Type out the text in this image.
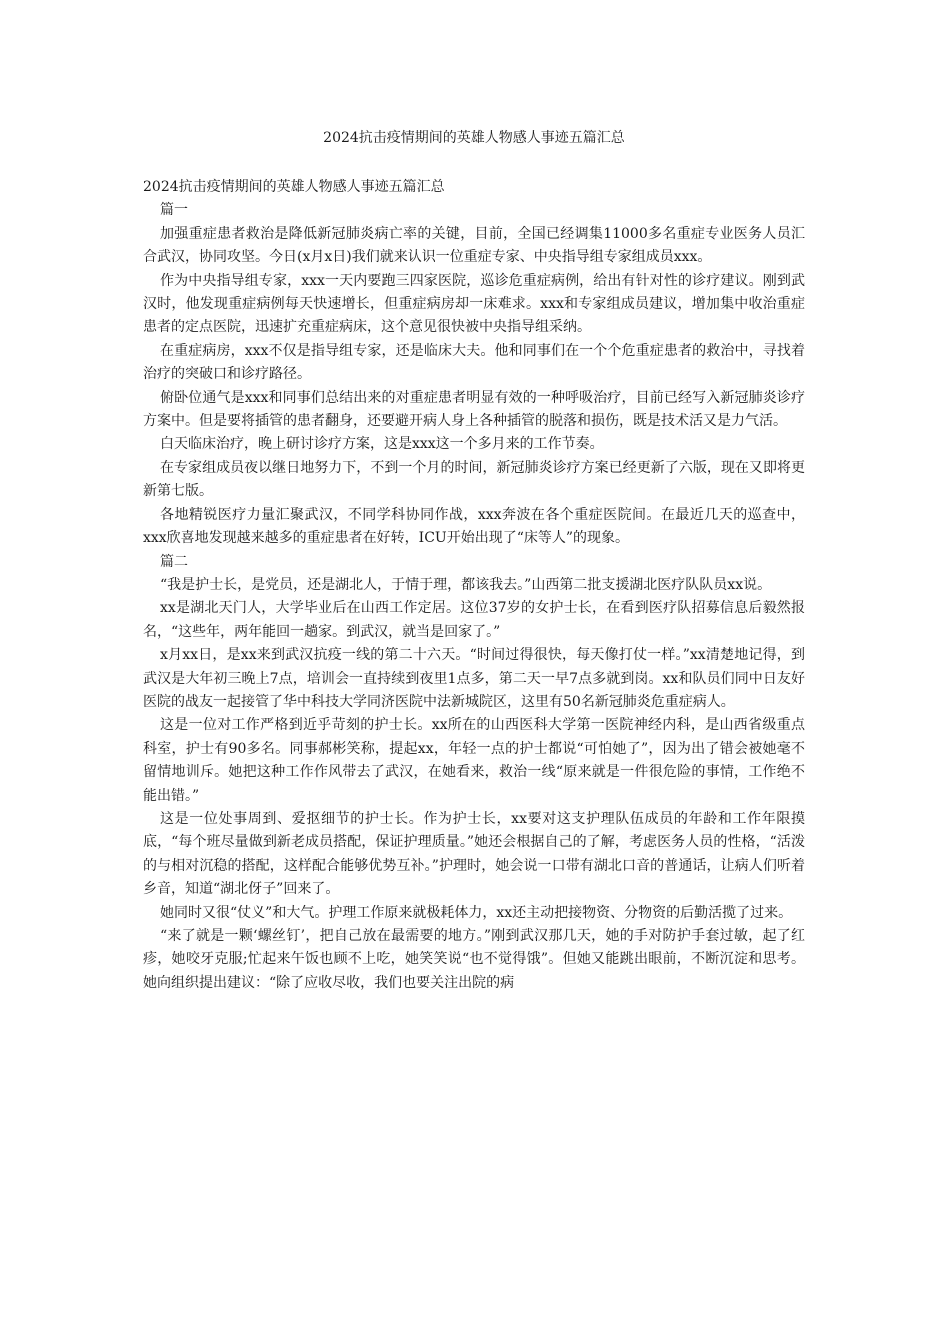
2024抗击疫情期间的英雄人物感人事迹五篇汇总

2024抗击疫情期间的英雄人物感人事迹五篇汇总

篇一

加强重症患者救治是降低新冠肺炎病亡率的关键，目前，全国已经调集11000多名重症专业医务人员汇合武汉，协同攻坚。今日(x月x日)我们就来认识一位重症专家、中央指导组专家组成员xxx。

作为中央指导组专家，xxx一天内要跑三四家医院，巡诊危重症病例，给出有针对性的诊疗建议。刚到武汉时，他发现重症病例每天快速增长，但重症病房却一床难求。xxx和专家组成员建议，增加集中收治重症患者的定点医院，迅速扩充重症病床，这个意见很快被中央指导组采纳。

在重症病房，xxx不仅是指导组专家，还是临床大夫。他和同事们在一个个危重症患者的救治中，寻找着治疗的突破口和诊疗路径。

俯卧位通气是xxx和同事们总结出来的对重症患者明显有效的一种呼吸治疗，目前已经写入新冠肺炎诊疗方案中。但是要将插管的患者翻身，还要避开病人身上各种插管的脱落和损伤，既是技术活又是力气活。

白天临床治疗，晚上研讨诊疗方案，这是xxx这一个多月来的工作节奏。

在专家组成员夜以继日地努力下，不到一个月的时间，新冠肺炎诊疗方案已经更新了六版，现在又即将更新第七版。

各地精锐医疗力量汇聚武汉，不同学科协同作战，xxx奔波在各个重症医院间。在最近几天的巡查中，xxx欣喜地发现越来越多的重症患者在好转，ICU开始出现了“床等人”的现象。

篇二

“我是护士长，是党员，还是湖北人，于情于理，都该我去。”山西第二批支援湖北医疗队队员xx说。

xx是湖北天门人，大学毕业后在山西工作定居。这位37岁的女护士长，在看到医疗队招募信息后毅然报名，“这些年，两年能回一趟家。到武汉，就当是回家了。”

x月xx日，是xx来到武汉抗疫一线的第二十六天。“时间过得很快，每天像打仗一样。”xx清楚地记得，到武汉是大年初三晚上7点，培训会一直持续到夜里1点多，第二天一早7点多就到岗。xx和队员们同中日友好医院的战友一起接管了华中科技大学同济医院中法新城院区，这里有50名新冠肺炎危重症病人。

这是一位对工作严格到近乎苛刻的护士长。xx所在的山西医科大学第一医院神经内科，是山西省级重点科室，护士有90多名。同事郝彬笑称，提起xx，年轻一点的护士都说“可怕她了”，因为出了错会被她毫不留情地训斥。她把这种工作作风带去了武汉，在她看来，救治一线“原来就是一件很危险的事情，工作绝不能出错。”

这是一位处事周到、爱抠细节的护士长。作为护士长，xx要对这支护理队伍成员的年龄和工作年限摸底，“每个班尽量做到新老成员搭配，保证护理质量。”她还会根据自己的了解，考虑医务人员的性格，“活泼的与相对沉稳的搭配，这样配合能够优势互补。”护理时，她会说一口带有湖北口音的普通话，让病人们听着乡音，知道“湖北伢子”回来了。

她同时又很“仗义”和大气。护理工作原来就极耗体力，xx还主动把接物资、分物资的后勤活揽了过来。

“来了就是一颗‘螺丝钉’，把自己放在最需要的地方。”刚到武汉那几天，她的手对防护手套过敏，起了红疹，她咬牙克服;忙起来午饭也顾不上吃，她笑笑说“也不觉得饿”。但她又能跳出眼前，不断沉淀和思考。她向组织提出建议：“除了应收尽收，我们也要关注出院的病
